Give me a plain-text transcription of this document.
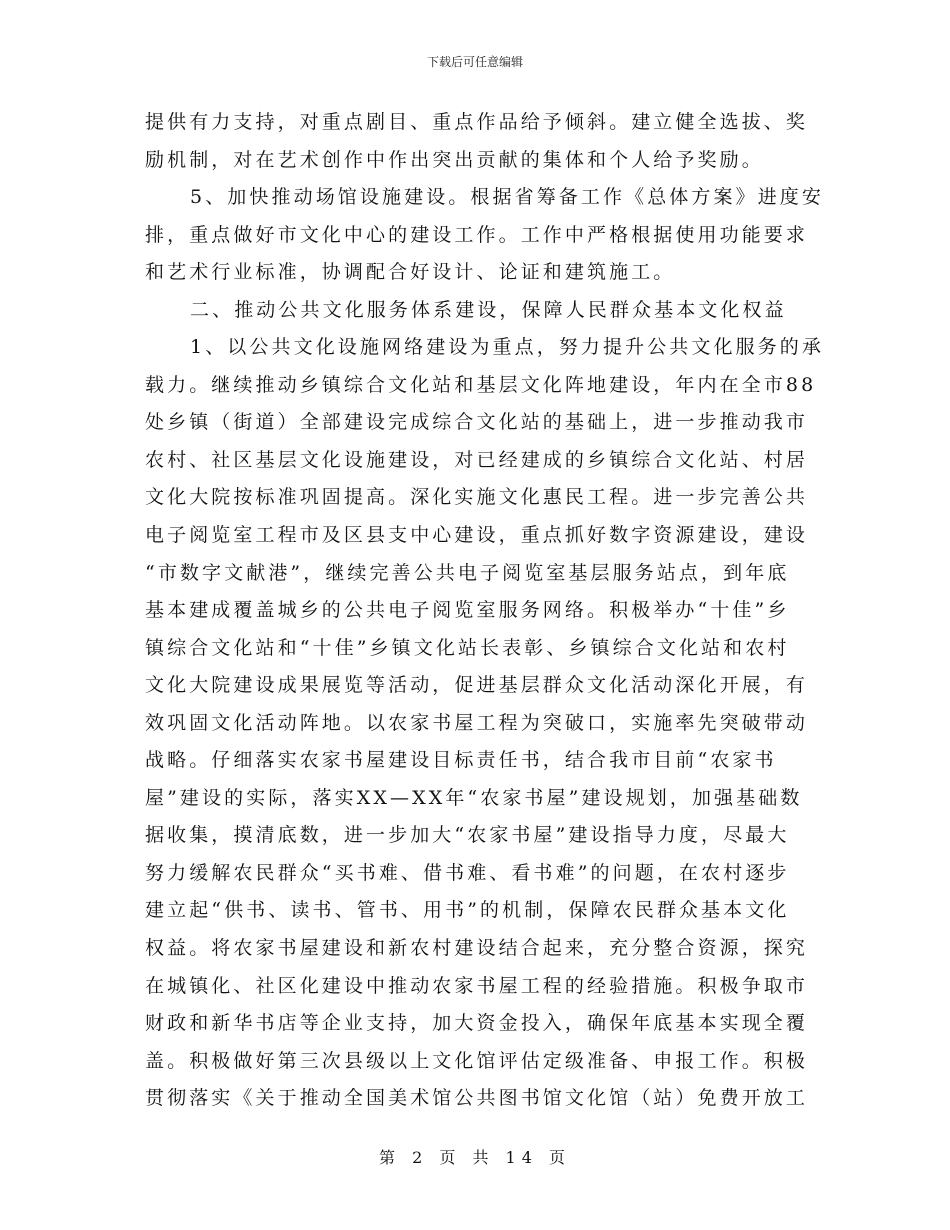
下载后可任意编辑
提供有力支持，对重点剧目、重点作品给予倾斜。建立健全选拔、奖
励机制，对在艺术创作中作出突出贡献的集体和个人给予奖励。
5、加快推动场馆设施建设。根据省筹备工作《总体方案》进度安
排，重点做好市文化中心的建设工作。工作中严格根据使用功能要求
和艺术行业标准，协调配合好设计、论证和建筑施工。
二、推动公共文化服务体系建设，保障人民群众基本文化权益
1、以公共文化设施网络建设为重点，努力提升公共文化服务的承
载力。继续推动乡镇综合文化站和基层文化阵地建设，年内在全市88
处乡镇（街道）全部建设完成综合文化站的基础上，进一步推动我市
农村、社区基层文化设施建设，对已经建成的乡镇综合文化站、村居
文化大院按标准巩固提高。深化实施文化惠民工程。进一步完善公共
电子阅览室工程市及区县支中心建设，重点抓好数字资源建设，建设
“市数字文献港”，继续完善公共电子阅览室基层服务站点，到年底
基本建成覆盖城乡的公共电子阅览室服务网络。积极举办“十佳”乡
镇综合文化站和“十佳”乡镇文化站长表彰、乡镇综合文化站和农村
文化大院建设成果展览等活动，促进基层群众文化活动深化开展，有
效巩固文化活动阵地。以农家书屋工程为突破口，实施率先突破带动
战略。仔细落实农家书屋建设目标责任书，结合我市目前“农家书
屋”建设的实际，落实XX—XX年“农家书屋”建设规划，加强基础数
据收集，摸清底数，进一步加大“农家书屋”建设指导力度，尽最大
努力缓解农民群众“买书难、借书难、看书难”的问题，在农村逐步
建立起“供书、读书、管书、用书”的机制，保障农民群众基本文化
权益。将农家书屋建设和新农村建设结合起来，充分整合资源，探究
在城镇化、社区化建设中推动农家书屋工程的经验措施。积极争取市
财政和新华书店等企业支持，加大资金投入，确保年底基本实现全覆
盖。积极做好第三次县级以上文化馆评估定级准备、申报工作。积极
贯彻落实《关于推动全国美术馆公共图书馆文化馆（站）免费开放工
第 2 页 共 14 页
